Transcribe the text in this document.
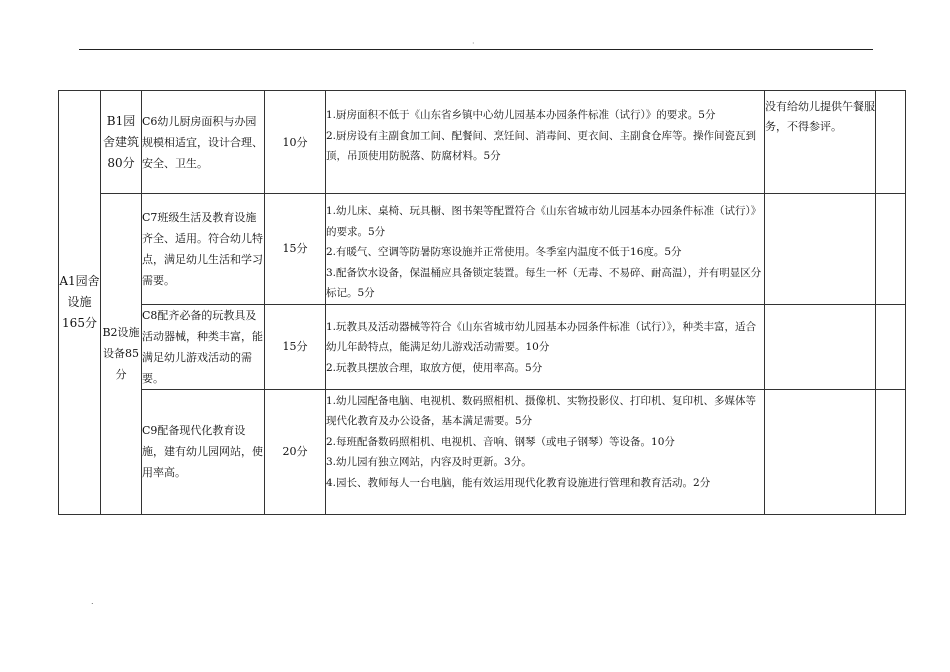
·
A1园舍设施165分	B1园舍建筑80分	C6幼儿厨房面积与办园规模相适宜，设计合理、安全、卫生。	10分	1.厨房面积不低于《山东省乡镇中心幼儿园基本办园条件标准（试行）》的要求。5分
2.厨房设有主副食加工间、配餐间、烹饪间、消毒间、更衣间、主副食仓库等。操作间瓷瓦到顶，吊顶使用防脱落、防腐材料。5分	没有给幼儿提供午餐服务，不得参评。	

	B2设施设备85分	C7班级生活及教育设施齐全、适用。符合幼儿特点，满足幼儿生活和学习需要。	15分	1.幼儿床、桌椅、玩具橱、图书架等配置符合《山东省城市幼儿园基本办园条件标准（试行）》的要求。5分
2.有暖气、空调等防暑防寒设施并正常使用。冬季室内温度不低于16度。5分
3.配备饮水设备，保温桶应具备锁定装置。每生一杯（无毒、不易碎、耐高温），并有明显区分标记。5分		

		C8配齐必备的玩教具及活动器械，种类丰富，能满足幼儿游戏活动的需要。	15分	1.玩教具及活动器械等符合《山东省城市幼儿园基本办园条件标准（试行）》，种类丰富，适合幼儿年龄特点，能满足幼儿游戏活动需要。10分
2.玩教具摆放合理，取放方便，使用率高。5分		

		C9配备现代化教育设施，建有幼儿园网站，使用率高。	20分	1.幼儿园配备电脑、电视机、数码照相机、摄像机、实物投影仪、打印机、复印机、多媒体等现代化教育及办公设备，基本满足需要。5分
2.每班配备数码照相机、电视机、音响、钢琴（或电子钢琴）等设备。10分
3.幼儿园有独立网站，内容及时更新。3分。
4.园长、教师每人一台电脑，能有效运用现代化教育设施进行管理和教育活动。2分		

.
